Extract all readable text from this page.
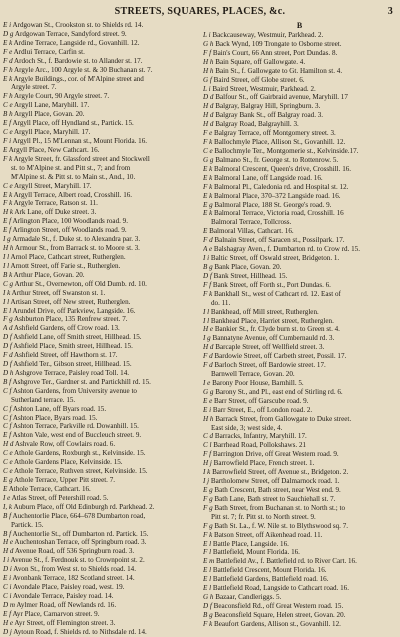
STREETS, SQUARES, PLACES, &c.	3
E i Ardgowan St., Crookston st. to Shields rd. 14.
D g Ardgowan Terrace, Sandyford street. 9.
E k Ardine Terrace, Langside rd., Govanhill. 12.
F e Ardlui Terrace, Carfin st.
F d Ardoch St., f. Bardowie st. to Allander st. 17.
F h Argyle Arc., 100 Argyle st. & 30 Buchanan st. 7.
E k Argyle Buildings., cor. of M'Alpine street and
Argyle street. 7.
F h Argyle Court, 90 Argyle street. 7.
C e Argyll Lane, Maryhill. 17.
B h Argyll Place, Govan. 20.
E f Argyll Place, off Hyndland st., Partick. 15.
C e Argyll Place, Maryhill. 17.
F i Argyll Pl., 15 M'Lennan st., Mount Florida. 16.
E Argyll Place, New Cathcart. 16.
F k Argyle Street, fr. Glassford street and Stockwell
st. to M'Alpine st. and Pitt st., 7; and from
M'Alpine st. & Pitt st. to Main st., And., 10.
C e Argyll Street, Maryhill. 17.
E k Argyll Terrace, Albert road, Crosshill. 16.
F k Argyle Terrace, Ratson st. 11.
H k Ark Lane, off Duke street. 3.
E f Arlington Place, 100 Woodlands road. 9.
E f Arlington Street, off Woodlands road. 9.
I g Armadale St., f. Duke st. to Alexandra par. 3.
H h Armour St., from Barrack st. to Moore st. 3.
I l Arnol Place, Cathcart street, Rutherglen.
I l Arnott Street, off Farie st., Rutherglen.
B k Arthur Place, Govan. 20.
C g Arthur St., Overnewton, off Old Dumb. rd. 10.
I k Arthur Street, off Swanston st. 1.
I l Artisan Street, off New street, Rutherglen.
E l Arundel Drive, off Parkview, Langside. 16.
F g Ashburton Place, 135 Renfrew street. 7.
A d Ashfield Gardens, off Crow road. 13.
D f Ashfield Lane, off Smith street, Hillhead. 15.
D f Ashfield Place, Smith street, Hillhead. 15.
F d Ashfield Street, off Hawthorn st. 17.
D f Ashfield Ter., Gibson street, Hillhead. 15.
D h Ashgrove Terrace, Paisley road Toll. 14.
B f Ashgrove Ter., Gardner st. and Partickhill rd. 15.
C f Ashton Gardens, from University avenue to
Sutherland terrace. 15.
C f Ashton Lane, off Byars road. 15.
C f Ashton Place, Byars road. 15.
C f Ashton Terrace, Parkville rd. Dowanhill. 15.
E f Ashton Vale, west end of Buccleuch street. 9.
H d Ashvale Row, off Cowlairs road. 6.
C e Athole Gardens, Roxburgh st., Kelvinside. 15.
C e Athole Gardens Place, Kelvinside. 15.
C e Athole Terrace, Ruthven street, Kelvinside. 15.
E g Athole Terrace, Upper Pitt street. 7.
E Athole Terrace, Cathcart. 16.
I e Atlas Street, off Petershill road. 5.
I, k Auburn Place, off Old Edinburgh rd. Parkhead. 2.
B f Auchentorlie Place, 664–678 Dumbarton road,
Partick. 15.
B f Auchentorlie St., off Dumbarton rd. Partick. 15.
H e Auchentoshan Terrace, off Springburn road. 3.
H d Avenue Road, off 536 Springburn road. 3.
I i Avenue St., f. Ferdnouk st. to Crownpoint st. 2.
D i Avon St., from West st. to Shields road. 14.
E i Avonbank Terrace, 182 Scotland street. 14.
C i Avondale Place, Paisley road, west. 19.
C i Avondale Terrace, Paisley road. 14.
D m Aylmer Road, off Newlands rd. 16.
E f Ayr Place, Carnarvon street. 9.
H e Ayr Street, off Flemington street. 3.
D j Aytoun Road, f. Shields rd. to Nithsdale rd. 14.
B
L i Backcauseway, Westmuir, Parkhead. 2.
G h Back Wynd, 109 Trongate to Osborne street.
F f Bain's Court, 66 Ann street, Port Dundas. 8.
H h Bain Square, off Gallowgate. 4.
H h Bain St., f. Gallowgate to Gt. Hamilton st. 4.
G f Baird Street, off Globe street. 6.
L i Baird Street, Westmuir, Parkhead. 2.
D d Balfour St., off Gairbraid avenue, Maryhill. 17
H d Balgray, Balgray Hill, Springburn. 3.
H d Balgray Bank St., off Balgray road. 3.
H d Balgray Road, Balgrayhill. 3.
F e Balgray Terrace, off Montgomery street. 3.
F k Ballochmyle Place, Allison St., Govanhill. 12.
C e Ballochmyle Ter., Montgomerie st., Kelvinside.17.
G g Balmano St., fr. George st. to Rottenrow. 5.
E k Balmoral Crescent, Queen's drive, Crosshill. 16.
E k Balmoral Lane, off Langside road. 16.
F k Balmoral Pl., Caledonia rd. and Hospital st. 12.
E k Balmoral Place, 370–372 Langside road. 16.
E g Balmoral Place, 188 St. George's road. 9.
E k Balmoral Terrace, Victoria road, Crosshill. 16
Balmoral Terrace, Tollcross.
E Balmoral Villas, Cathcart. 16.
F d Balnain Street, off Saracen st., Possilpark. 17.
A e Balshagray Aven., f. Dumbarton rd. to Crow rd. 15.
I i Baltic Street, off Oswald street, Bridgeton. 1.
B g Bank Place, Govan. 20.
D f Bank Street, Hillhead. 15.
F f Bank Street, off Forth st., Port Dundas. 6.
F k Bankhall St., west of Cathcart rd. 12. East of
do. 11.
I l Bankhead, off Mill street, Rutherglen.
I l Bankhead Place, Harriet street, Rutherglen.
H e Bankier St., fr. Clyde burn st. to Green st. 4.
I g Bannatyne Avenue, off Cumbernauld rd. 3.
H d Barcaple Street, off Wellfield street. 3.
F d Bardowie Street, off Carbeth street, Possil. 17.
F d Barloch Street, off Bardowie street. 17.
Barnwell Terrace, Govan. 20.
I e Barony Poor House, Barnhill. 5.
G g Barony St., and Pl., east end of Stirling rd. 6.
E e Barr Street, off Garscube road. 9.
E i Barr Street, E., off London road. 2.
H h Barrack Street, from Gallowgate to Duke street.
East side, 3; west side, 4.
C d Barracks, Infantry, Maryhill. 17.
C l Barrhead Road, Pollokshaws. 21
F f Barrington Drive, off Great Western road. 9.
H j Barrowfield Place, French street. 1.
I k Barrowfield Street, off Avenue st., Bridgeton. 2.
I j Bartholomew Street, off Dalmarnock road. 1.
E g Bath Crescent, Bath street, near West end. 9.
F g Bath Lane, Bath street to Sauchiehall st. 7.
F g Bath Street, from Buchanan st. to North st.; to
Pitt st. 7; fr. Pitt st. to North street. 9.
F g Bath St. La., f. W. Nile st. to Blythswood sq. 7.
F k Batson Street, off Aikenhead road. 11.
E l Battle Place, Langside. 16.
F l Battlefield, Mount Florida. 16.
E m Battlefield Av., f. Battlefield rd. to River Cart. 16.
E l Battlefield Crescent, Mount Florida. 16.
E l Battlefield Gardens, Battlefield road. 16.
E l Battlefield Road, Langside to Cathcart road. 16.
G h Bazaar, Candleriggs. 5.
D f Beaconsfield Rd., off Great Western road. 15.
B g Beaconsfield Square, Helen street, Govan. 20.
F k Beaufort Gardens, Allison st., Govanhill. 12.
